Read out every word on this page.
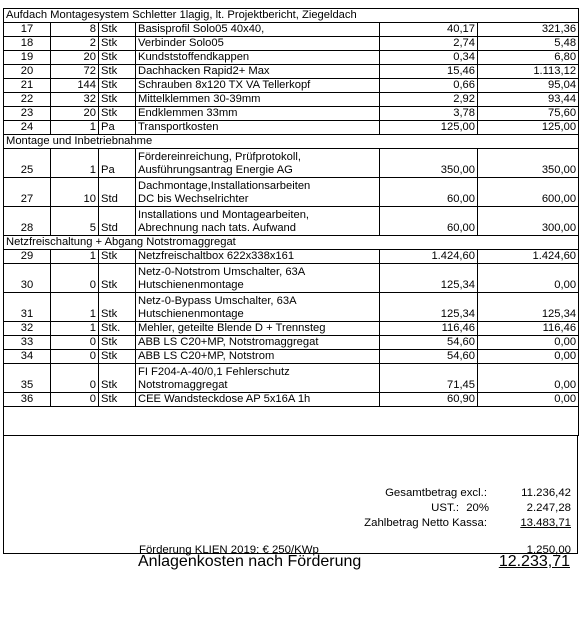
Aufdach Montagesystem Schletter 1lagig, lt. Projektbericht, Ziegeldach					
17	8	Stk	Basisprofil Solo05 40x40,	40,17	321,36
18	2	Stk	Verbinder Solo05	2,74	5,48
19	20	Stk	Kundststoffendkappen	0,34	6,80
20	72	Stk	Dachhacken Rapid2+ Max	15,46	1.113,12
21	144	Stk	Schrauben 8x120 TX VA Tellerkopf	0,66	95,04
22	32	Stk	Mittelklemmen 30-39mm	2,92	93,44
23	20	Stk	Endklemmen 33mm	3,78	75,60
24	1	Pa	Transportkosten	125,00	125,00
Montage und Inbetriebnahme					
25	1	Pa	Fördereinreichung, Prüfprotokoll,
Ausführungsantrag Energie AG	350,00	350,00
27	10	Std	Dachmontage,Installationsarbeiten
DC bis Wechselrichter	60,00	600,00
28	5	Std	Installations und Montagearbeiten,
Abrechnung nach tats. Aufwand	60,00	300,00
Netzfreischaltung + Abgang Notstromaggregat					
29	1	Stk	Netzfreischaltbox 622x338x161	1.424,60	1.424,60
30	0	Stk	Netz-0-Notstrom Umschalter, 63A
Hutschienenmontage	125,34	0,00
31	1	Stk	Netz-0-Bypass Umschalter, 63A
Hutschienenmontage	125,34	125,34
32	1	Stk.	Mehler, geteilte Blende D + Trennsteg	116,46	116,46
33	0	Stk	ABB LS C20+MP, Notstromaggregat	54,60	0,00
34	0	Stk	ABB LS C20+MP, Notstrom	54,60	0,00
35	0	Stk	FI F204-A-40/0,1 Fehlerschutz
Notstromaggregat	71,45	0,00
36	0	Stk	CEE Wandsteckdose AP 5x16A 1h	60,90	0,00

Gesamtbetrag excl.:	11.236,42
UST.: 20%	2.247,28
Zahlbetrag Netto Kassa:	13.483,71
Förderung KLIEN 2019: € 250/KWp	1.250,00
Anlagenkosten nach Förderung	12.233,71
